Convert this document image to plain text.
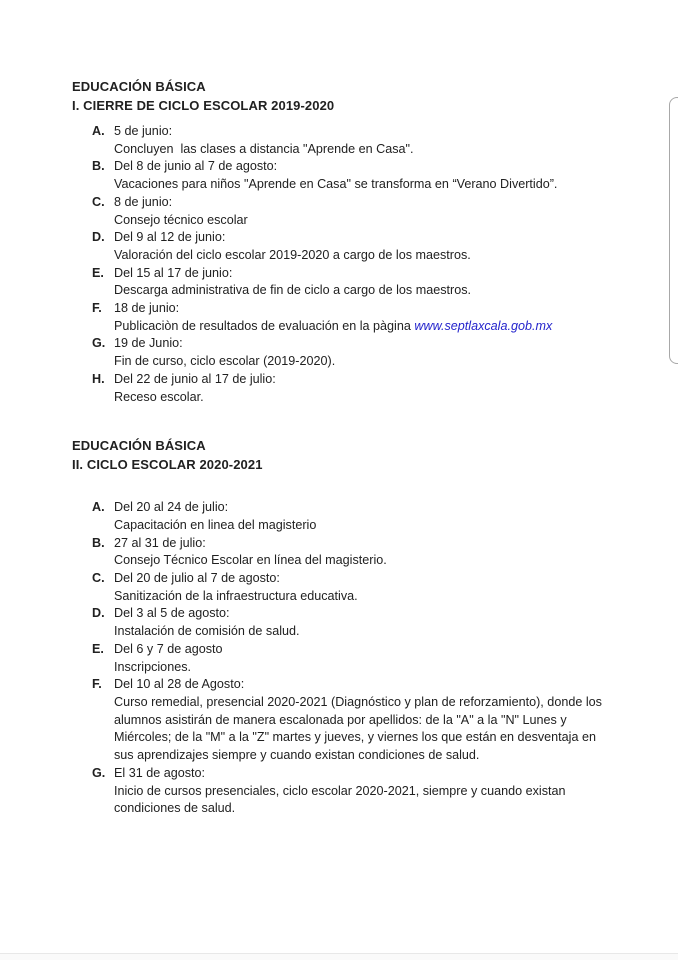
EDUCACIÓN BÁSICA
I. CIERRE DE CICLO ESCOLAR 2019-2020
A. 5 de junio:
Concluyen  las clases a distancia "Aprende en Casa".
B. Del 8 de junio al 7 de agosto:
Vacaciones para niños "Aprende en Casa" se transforma en “Verano Divertido”.
C. 8 de junio:
Consejo técnico escolar
D. Del 9 al 12 de junio:
Valoración del ciclo escolar 2019-2020 a cargo de los maestros.
E. Del 15 al 17 de junio:
Descarga administrativa de fin de ciclo a cargo de los maestros.
F. 18 de junio:
Publicaciòn de resultados de evaluación en la pàgina www.septlaxcala.gob.mx
G. 19 de Junio:
Fin de curso, ciclo escolar (2019-2020).
H. Del 22 de junio al 17 de julio:
Receso escolar.
EDUCACIÓN BÁSICA
II. CICLO ESCOLAR 2020-2021
A. Del 20 al 24 de julio:
Capacitación en linea del magisterio
B. 27 al 31 de julio:
Consejo Técnico Escolar en línea del magisterio.
C. Del 20 de julio al 7 de agosto:
Sanitización de la infraestructura educativa.
D. Del 3 al 5 de agosto:
Instalación de comisión de salud.
E. Del 6 y 7 de agosto
Inscripciones.
F. Del 10 al 28 de Agosto:
Curso remedial, presencial 2020-2021 (Diagnóstico y plan de reforzamiento), donde los
alumnos asistirán de manera escalonada por apellidos: de la "A" a la "N" Lunes y
Miércoles; de la "M" a la "Z" martes y jueves, y viernes los que están en desventaja en
sus aprendizajes siempre y cuando existan condiciones de salud.
G. El 31 de agosto:
Inicio de cursos presenciales, ciclo escolar 2020-2021, siempre y cuando existan
condiciones de salud.
